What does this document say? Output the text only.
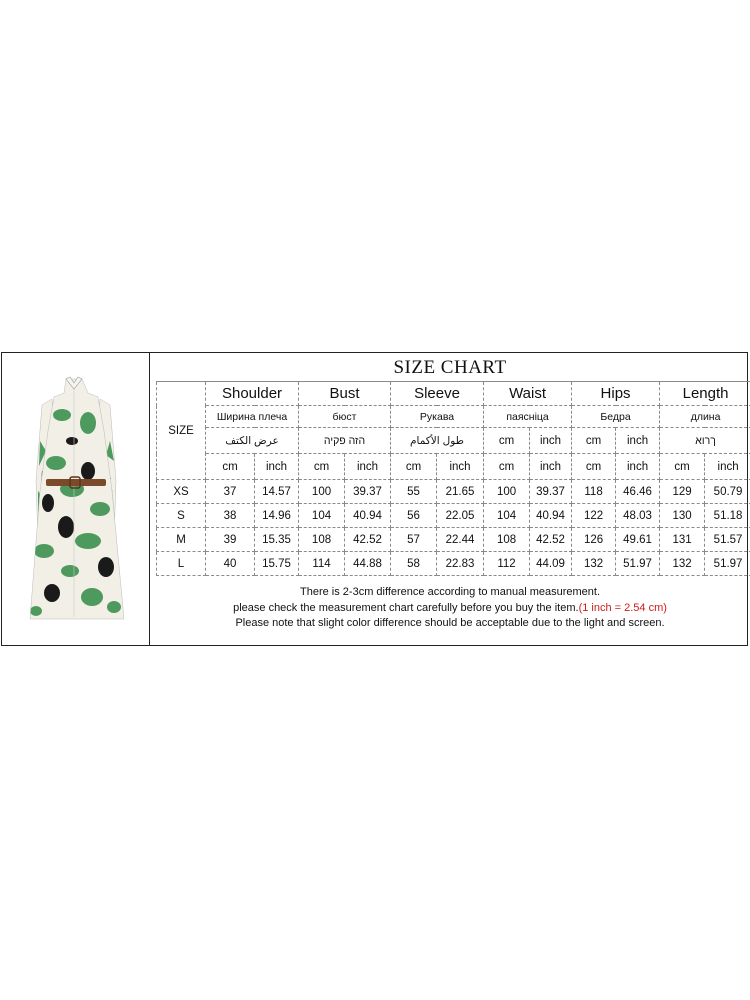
SIZE CHART
SIZE	Shoulder		Bust		Sleeve		Waist		Hips		Length	
	Ширина плеча		бюст		Рукава		паясніца		Бедра		длина	
	عرض الكتف		הזה פקיה		طول الأكمام		cm	inch	cm	inch	ךרוא	
	cm	inch	cm	inch	cm	inch	cm	inch	cm	inch	cm	inch
XS	37	14.57	100	39.37	55	21.65	100	39.37	118	46.46	129	50.79
S	38	14.96	104	40.94	56	22.05	104	40.94	122	48.03	130	51.18
M	39	15.35	108	42.52	57	22.44	108	42.52	126	49.61	131	51.57
L	40	15.75	114	44.88	58	22.83	112	44.09	132	51.97	132	51.97
There is 2-3cm difference according to manual measurement.
please check the measurement chart carefully before you buy the item.(1 inch = 2.54 cm)
Please note that slight color difference should be acceptable due to the light and screen.
